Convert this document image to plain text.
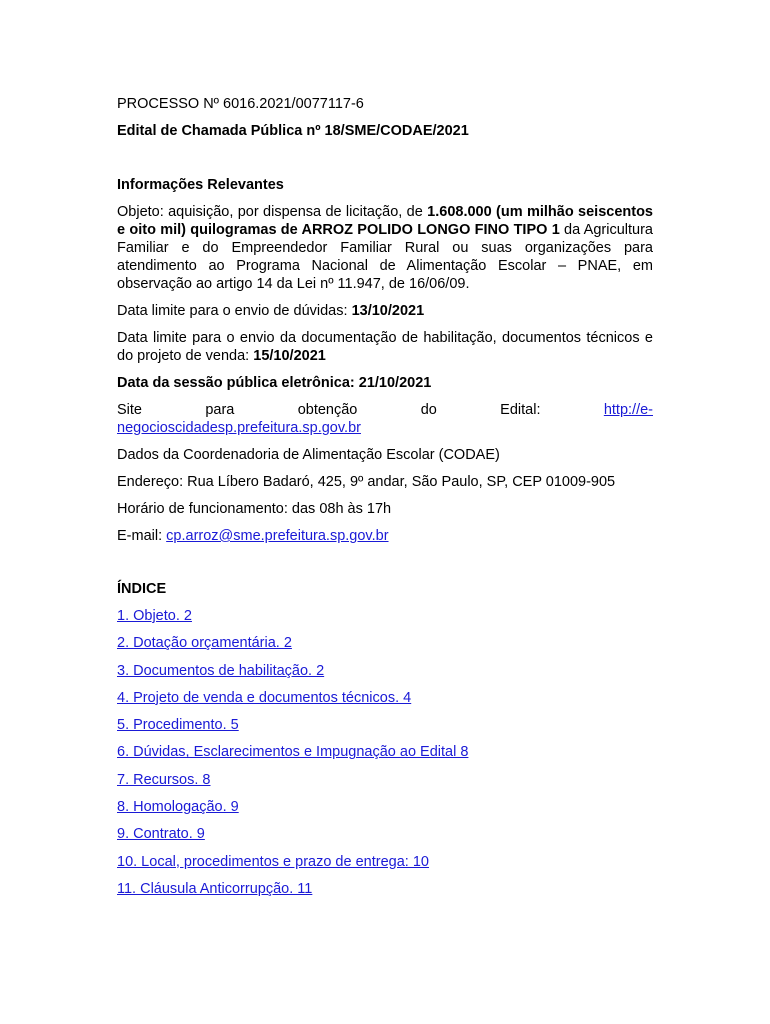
PROCESSO Nº 6016.2021/0077117-6

Edital de Chamada Pública nº 18/SME/CODAE/2021

Informações Relevantes

Objeto: aquisição, por dispensa de licitação, de 1.608.000 (um milhão seiscentos e oito mil) quilogramas de ARROZ POLIDO LONGO FINO TIPO 1 da Agricultura Familiar e do Empreendedor Familiar Rural ou suas organizações para atendimento ao Programa Nacional de Alimentação Escolar – PNAE, em observação ao artigo 14 da Lei nº 11.947, de 16/06/09.

Data limite para o envio de dúvidas: 13/10/2021

Data limite para o envio da documentação de habilitação, documentos técnicos e do projeto de venda: 15/10/2021

Data da sessão pública eletrônica: 21/10/2021

Site para obtenção do Edital: http://e-

negocioscidadesp.prefeitura.sp.gov.br

Dados da Coordenadoria de Alimentação Escolar (CODAE)

Endereço: Rua Líbero Badaró, 425, 9º andar, São Paulo, SP, CEP 01009-905

Horário de funcionamento: das 08h às 17h

E-mail: cp.arroz@sme.prefeitura.sp.gov.br

ÍNDICE

1. Objeto. 2
2. Dotação orçamentária. 2
3. Documentos de habilitação. 2
4. Projeto de venda e documentos técnicos. 4
5. Procedimento. 5
6. Dúvidas, Esclarecimentos e Impugnação ao Edital 8
7. Recursos. 8
8. Homologação. 9
9. Contrato. 9
10. Local, procedimentos e prazo de entrega: 10
11. Cláusula Anticorrupção. 11
